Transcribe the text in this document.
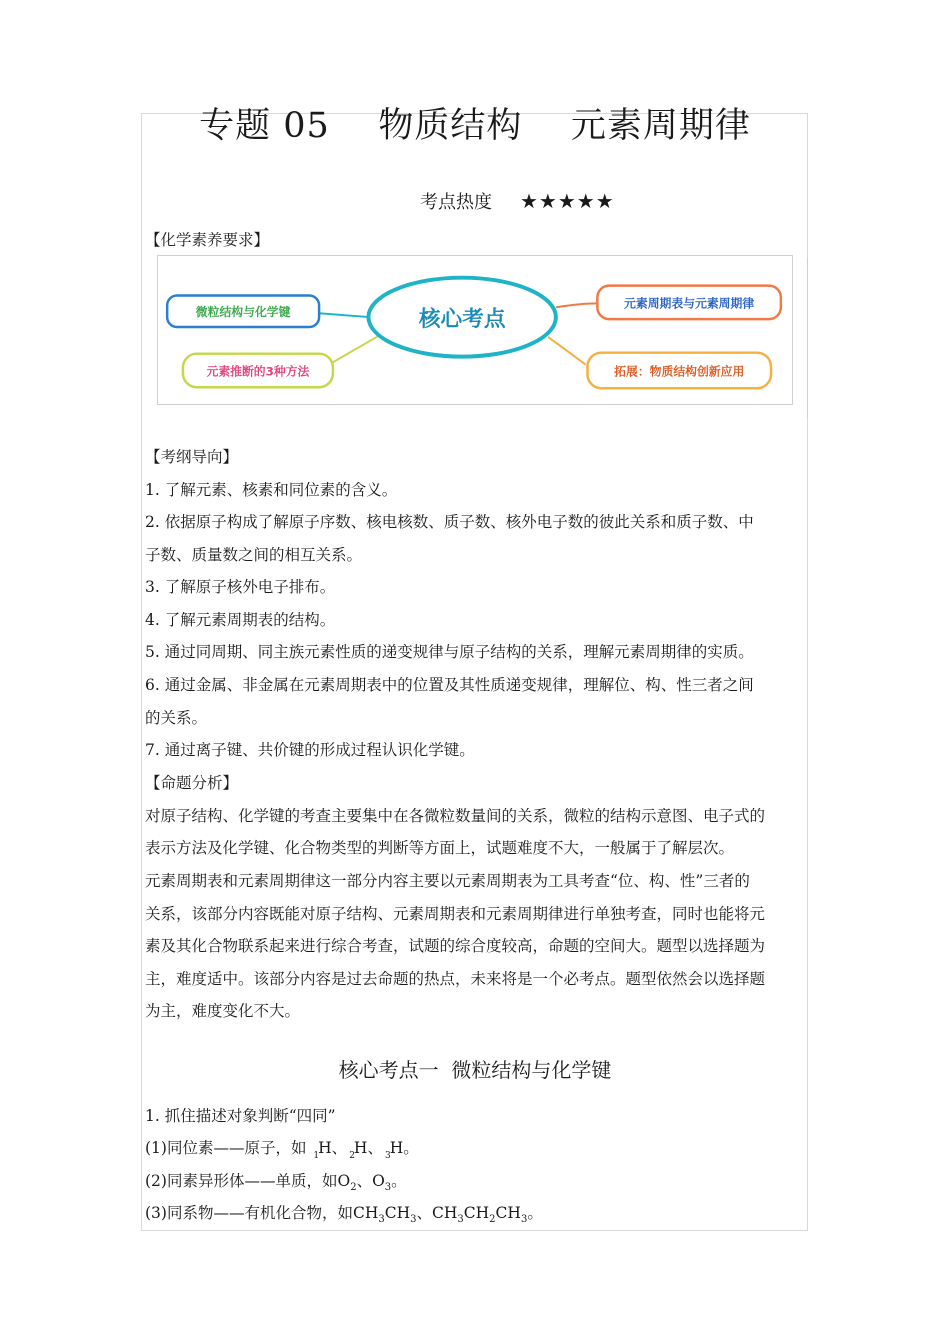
专题 05    物质结构    元素周期律
考点热度 ★★★★★
【化学素养要求】
核心考点
微粒结构与化学键
元素推断的3种方法
元素周期表与元素周期律
拓展：物质结构创新应用
【考纲导向】
1. 了解元素、核素和同位素的含义。
2. 依据原子构成了解原子序数、核电核数、质子数、核外电子数的彼此关系和质子数、中
子数、质量数之间的相互关系。
3. 了解原子核外电子排布。
4. 了解元素周期表的结构。
5. 通过同周期、同主族元素性质的递变规律与原子结构的关系，理解元素周期律的实质。
6. 通过金属、非金属在元素周期表中的位置及其性质递变规律，理解位、构、性三者之间
的关系。
7. 通过离子键、共价键的形成过程认识化学键。
【命题分析】
对原子结构、化学键的考查主要集中在各微粒数量间的关系，微粒的结构示意图、电子式的
表示方法及化学键、化合物类型的判断等方面上，试题难度不大，一般属于了解层次。
元素周期表和元素周期律这一部分内容主要以元素周期表为工具考查“位、构、性”三者的
关系，该部分内容既能对原子结构、元素周期表和元素周期律进行单独考查，同时也能将元
素及其化合物联系起来进行综合考查，试题的综合度较高，命题的空间大。题型以选择题为
主，难度适中。该部分内容是过去命题的热点，未来将是一个必考点。题型依然会以选择题
为主，难度变化不大。
核心考点一  微粒结构与化学键
1. 抓住描述对象判断“四同”
(1)同位素——原子，如 $_1$H、 $_2$H、 $_3$H。
(2)同素异形体——单质，如$O_2$、$O_3$。
(3)同系物——有机化合物，如$CH_3CH_3$、$CH_3CH_2CH_3$。
